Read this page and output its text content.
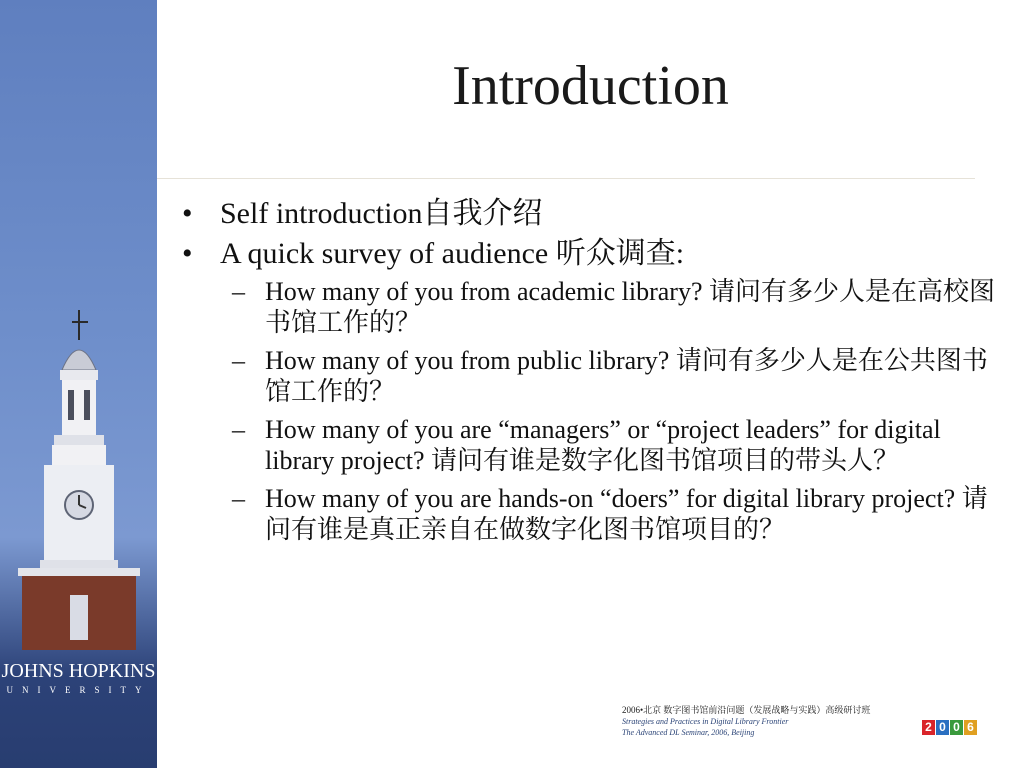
JOHNS HOPKINS
UNIVERSITY
Introduction
• Self introduction自我介绍
• A quick survey of audience 听众调查:
– How many of you from academic library? 请问有多少人是在高校图书馆工作的？
– How many of you from public library? 请问有多少人是在公共图书馆工作的？
– How many of you are “managers” or “project leaders” for digital library project? 请问有谁是数字化图书馆项目的带头人？
– How many of you are hands-on “doers” for digital library project? 请问有谁是真正亲自在做数字化图书馆项目的？
2006•北京 数字图书馆前沿问题（发展战略与实践）高级研讨班
Strategies and Practices in Digital Library Frontier
The Advanced DL Seminar, 2006, Beijing	2 0 0 6
